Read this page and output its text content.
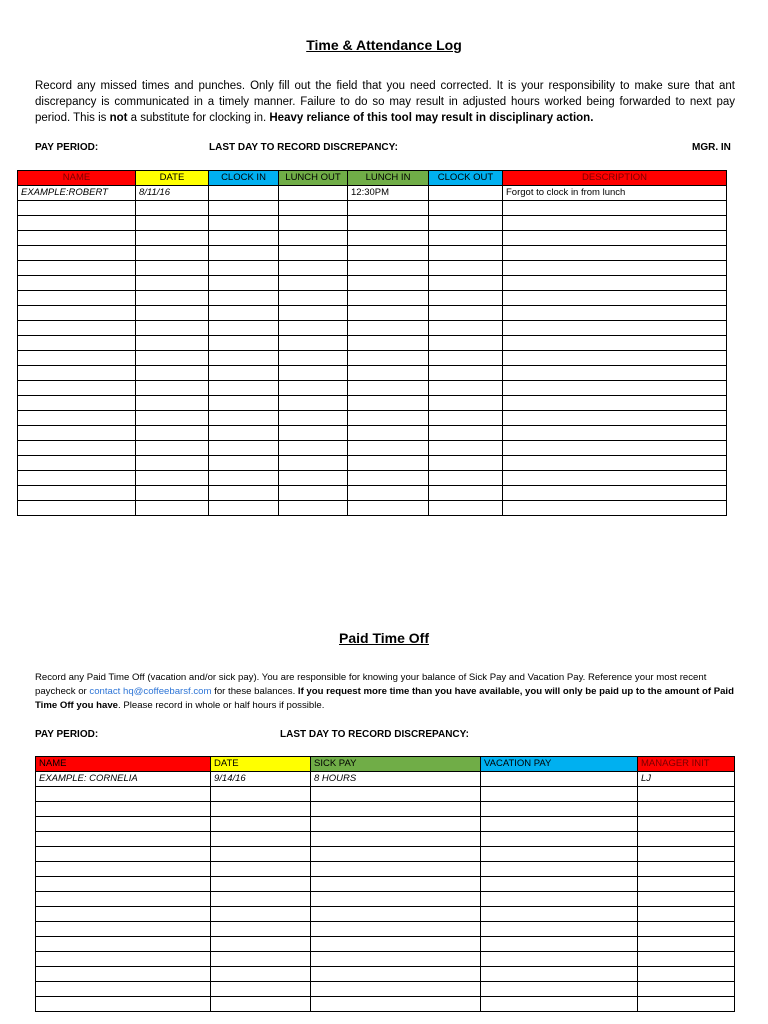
Time & Attendance Log
Record any missed times and punches. Only fill out the field that you need corrected. It is your responsibility to make sure that ant discrepancy is communicated in a timely manner. Failure to do so may result in adjusted hours worked being forwarded to next pay period. This is not a substitute for clocking in. Heavy reliance of this tool may result in disciplinary action.
PAY PERIOD:	LAST DAY TO RECORD DISCREPANCY:	MGR. IN
NAME	DATE	CLOCK IN	LUNCH OUT	LUNCH IN	CLOCK OUT	DESCRIPTION
EXAMPLE:ROBERT	8/11/16			12:30PM		Forgot to clock in from lunch

Paid Time Off
Record any Paid Time Off (vacation and/or sick pay). You are responsible for knowing your balance of Sick Pay and Vacation Pay. Reference your most recent paycheck or contact hq@coffeebarsf.com for these balances. If you request more time than you have available, you will only be paid up to the amount of Paid Time Off you have. Please record in whole or half hours if possible.
PAY PERIOD:	LAST DAY TO RECORD DISCREPANCY:
NAME	DATE	SICK PAY	VACATION PAY	MANAGER INIT
EXAMPLE: CORNELIA	9/14/16	8 HOURS		LJ
